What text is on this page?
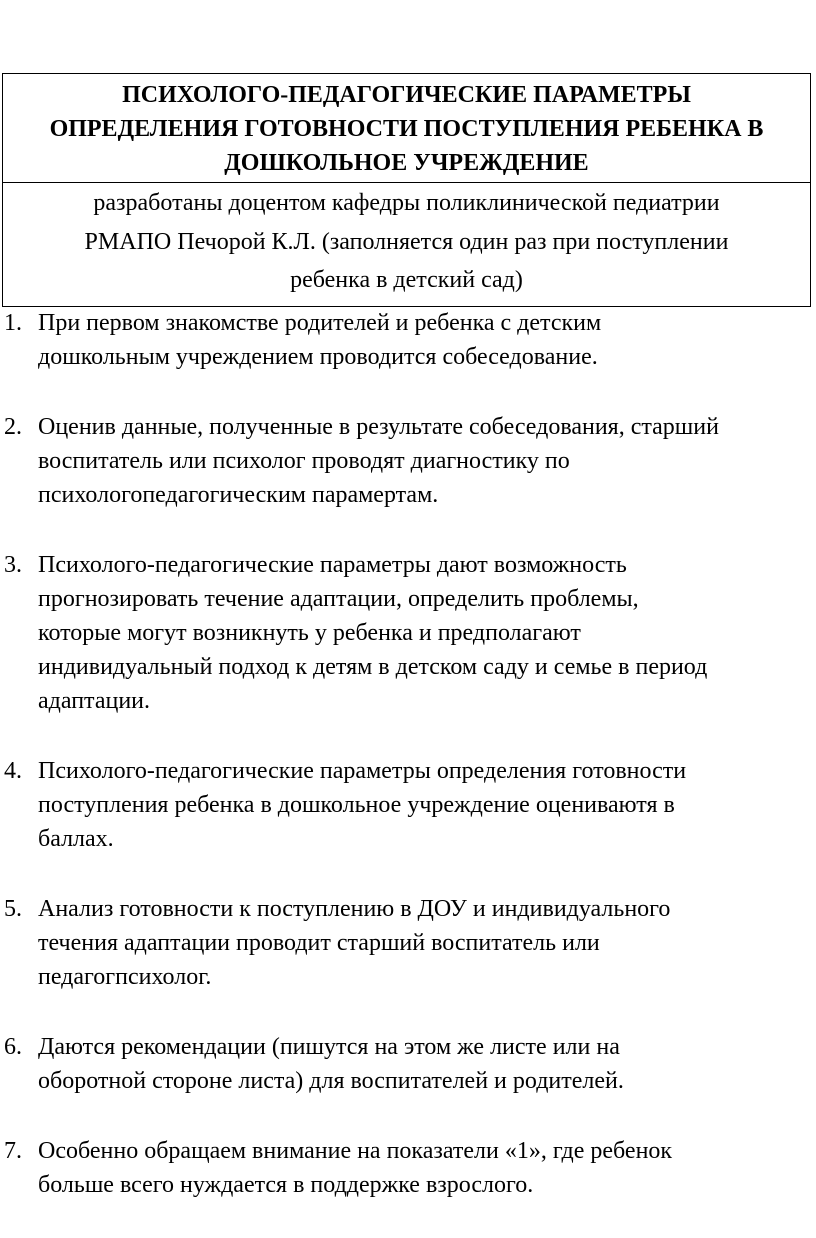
ПСИХОЛОГО-ПЕДАГОГИЧЕСКИЕ ПАРАМЕТРЫ
ОПРЕДЕЛЕНИЯ ГОТОВНОСТИ ПОСТУПЛЕНИЯ РЕБЕНКА В
ДОШКОЛЬНОЕ УЧРЕЖДЕНИЕ
разработаны доцентом кафедры поликлинической педиатрии
РМАПО Печорой К.Л. (заполняется один раз при поступлении
ребенка в детский сад)
1. При первом знакомстве родителей и ребенка с детским
дошкольным учреждением проводится собеседование.
2. Оценив данные, полученные в результате собеседования, старший
воспитатель или психолог проводят диагностику по
психологопедагогическим парамертам.
3. Психолого-педагогические параметры дают возможность
прогнозировать течение адаптации, определить проблемы,
которые могут возникнуть у ребенка и предполагают
индивидуальный подход к детям в детском саду и семье в период
адаптации.
4. Психолого-педагогические параметры определения готовности
поступления ребенка в дошкольное учреждение оцениваютя в
баллах.
5. Анализ готовности к поступлению в ДОУ и индивидуального
течения адаптации проводит старший воспитатель или
педагогпсихолог.
6. Даются рекомендации (пишутся на этом же листе или на
оборотной стороне листа) для воспитателей и родителей.
7. Особенно обращаем внимание на показатели «1», где ребенок
больше всего нуждается в поддержке взрослого.
